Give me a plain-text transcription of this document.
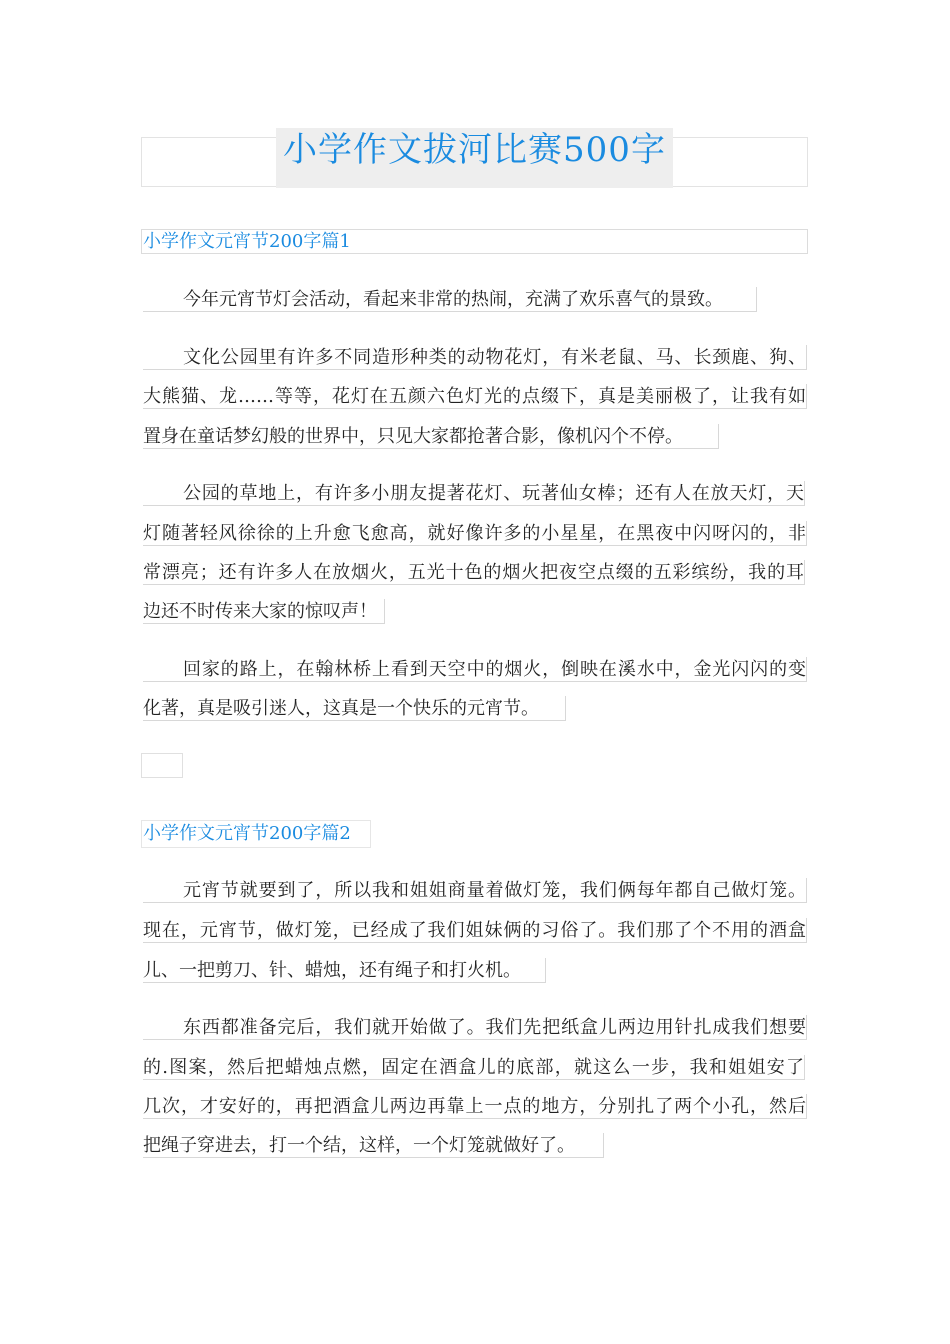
小学作文拔河比赛500字
小学作文元宵节200字篇1
今年元宵节灯会活动，看起来非常的热闹，充满了欢乐喜气的景致。
文化公园里有许多不同造形种类的动物花灯，有米老鼠、马、长颈鹿、狗、
大熊猫、龙……等等，花灯在五颜六色灯光的点缀下，真是美丽极了，让我有如
置身在童话梦幻般的世界中，只见大家都抢著合影，像机闪个不停。
公园的草地上，有许多小朋友提著花灯、玩著仙女棒；还有人在放天灯，天
灯随著轻风徐徐的上升愈飞愈高，就好像许多的小星星，在黑夜中闪呀闪的，非
常漂亮；还有许多人在放烟火，五光十色的烟火把夜空点缀的五彩缤纷，我的耳
边还不时传来大家的惊叹声！
回家的路上，在翰林桥上看到天空中的烟火，倒映在溪水中，金光闪闪的变
化著，真是吸引迷人，这真是一个快乐的元宵节。
小学作文元宵节200字篇2
元宵节就要到了，所以我和姐姐商量着做灯笼，我们俩每年都自己做灯笼。
现在，元宵节，做灯笼，已经成了我们姐妹俩的习俗了。我们那了个不用的酒盒
儿、一把剪刀、针、蜡烛，还有绳子和打火机。
东西都准备完后，我们就开始做了。我们先把纸盒儿两边用针扎成我们想要
的.图案，然后把蜡烛点燃，固定在酒盒儿的底部，就这么一步，我和姐姐安了
几次，才安好的，再把酒盒儿两边再靠上一点的地方，分别扎了两个小孔，然后
把绳子穿进去，打一个结，这样，一个灯笼就做好了。
